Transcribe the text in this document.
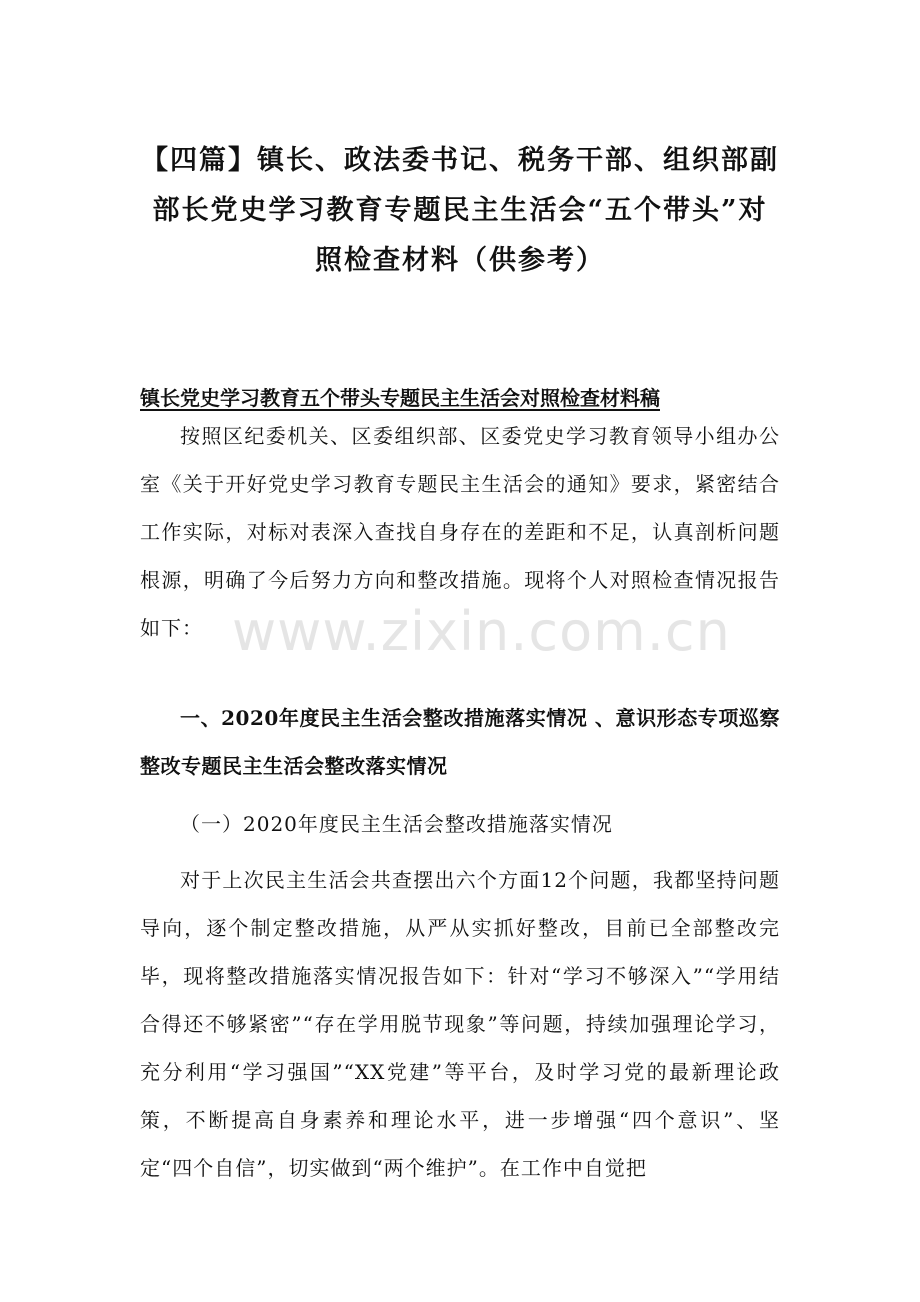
【四篇】镇长、政法委书记、税务干部、组织部副部长党史学习教育专题民主生活会“五个带头”对照检查材料（供参考）
镇长党史学习教育五个带头专题民主生活会对照检查材料稿

按照区纪委机关、区委组织部、区委党史学习教育领导小组办公室《关于开好党史学习教育专题民主生活会的通知》要求，紧密结合工作实际，对标对表深入查找自身存在的差距和不足，认真剖析问题根源，明确了今后努力方向和整改措施。现将个人对照检查情况报告如下：

一、2020年度民主生活会整改措施落实情况 、意识形态专项巡察整改专题民主生活会整改落实情况

（一）2020年度民主生活会整改措施落实情况

对于上次民主生活会共查摆出六个方面12个问题，我都坚持问题导向，逐个制定整改措施，从严从实抓好整改，目前已全部整改完毕，现将整改措施落实情况报告如下：针对“学习不够深入”“学用结合得还不够紧密”“存在学用脱节现象”等问题，持续加强理论学习，充分利用“学习强国”“XX党建”等平台，及时学习党的最新理论政策，不断提高自身素养和理论水平，进一步增强“四个意识”、坚定“四个自信”，切实做到“两个维护”。在工作中自觉把

www.zixin.com.cn
